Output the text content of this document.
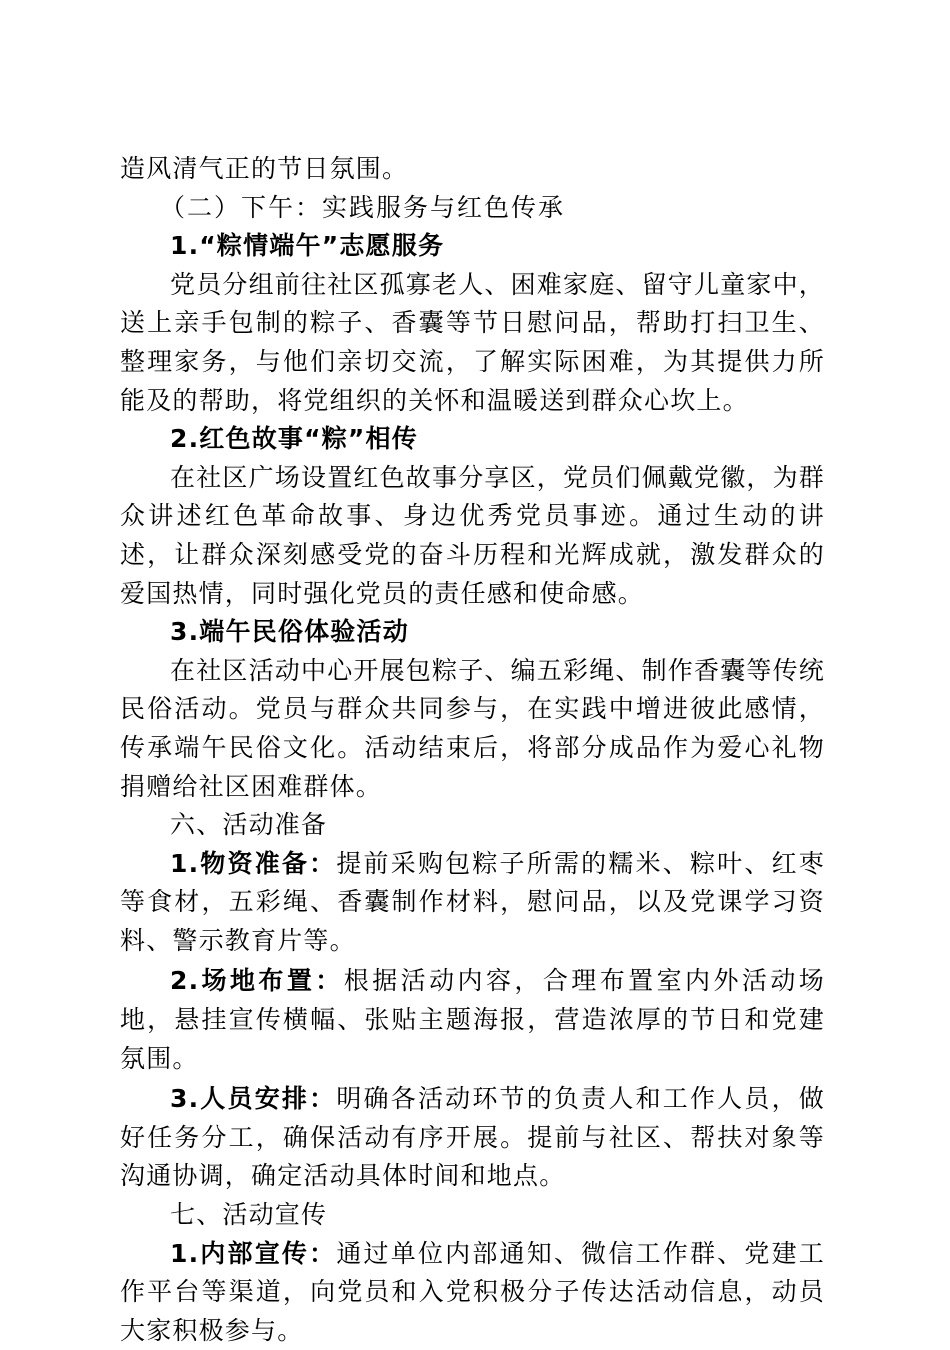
造风清气正的节日氛围。

（二）下午：实践服务与红色传承

1.“粽情端午”志愿服务

党员分组前往社区孤寡老人、困难家庭、留守儿童家中，送上亲手包制的粽子、香囊等节日慰问品，帮助打扫卫生、整理家务，与他们亲切交流，了解实际困难，为其提供力所能及的帮助，将党组织的关怀和温暖送到群众心坎上。

2.红色故事“粽”相传

在社区广场设置红色故事分享区，党员们佩戴党徽，为群众讲述红色革命故事、身边优秀党员事迹。通过生动的讲述，让群众深刻感受党的奋斗历程和光辉成就，激发群众的爱国热情，同时强化党员的责任感和使命感。

3.端午民俗体验活动

在社区活动中心开展包粽子、编五彩绳、制作香囊等传统民俗活动。党员与群众共同参与，在实践中增进彼此感情，传承端午民俗文化。活动结束后，将部分成品作为爱心礼物捐赠给社区困难群体。

六、活动准备

1.物资准备：提前采购包粽子所需的糯米、粽叶、红枣等食材，五彩绳、香囊制作材料，慰问品，以及党课学习资料、警示教育片等。

2.场地布置：根据活动内容，合理布置室内外活动场地，悬挂宣传横幅、张贴主题海报，营造浓厚的节日和党建氛围。

3.人员安排：明确各活动环节的负责人和工作人员，做好任务分工，确保活动有序开展。提前与社区、帮扶对象等沟通协调，确定活动具体时间和地点。

七、活动宣传

1.内部宣传：通过单位内部通知、微信工作群、党建工作平台等渠道，向党员和入党积极分子传达活动信息，动员大家积极参与。
